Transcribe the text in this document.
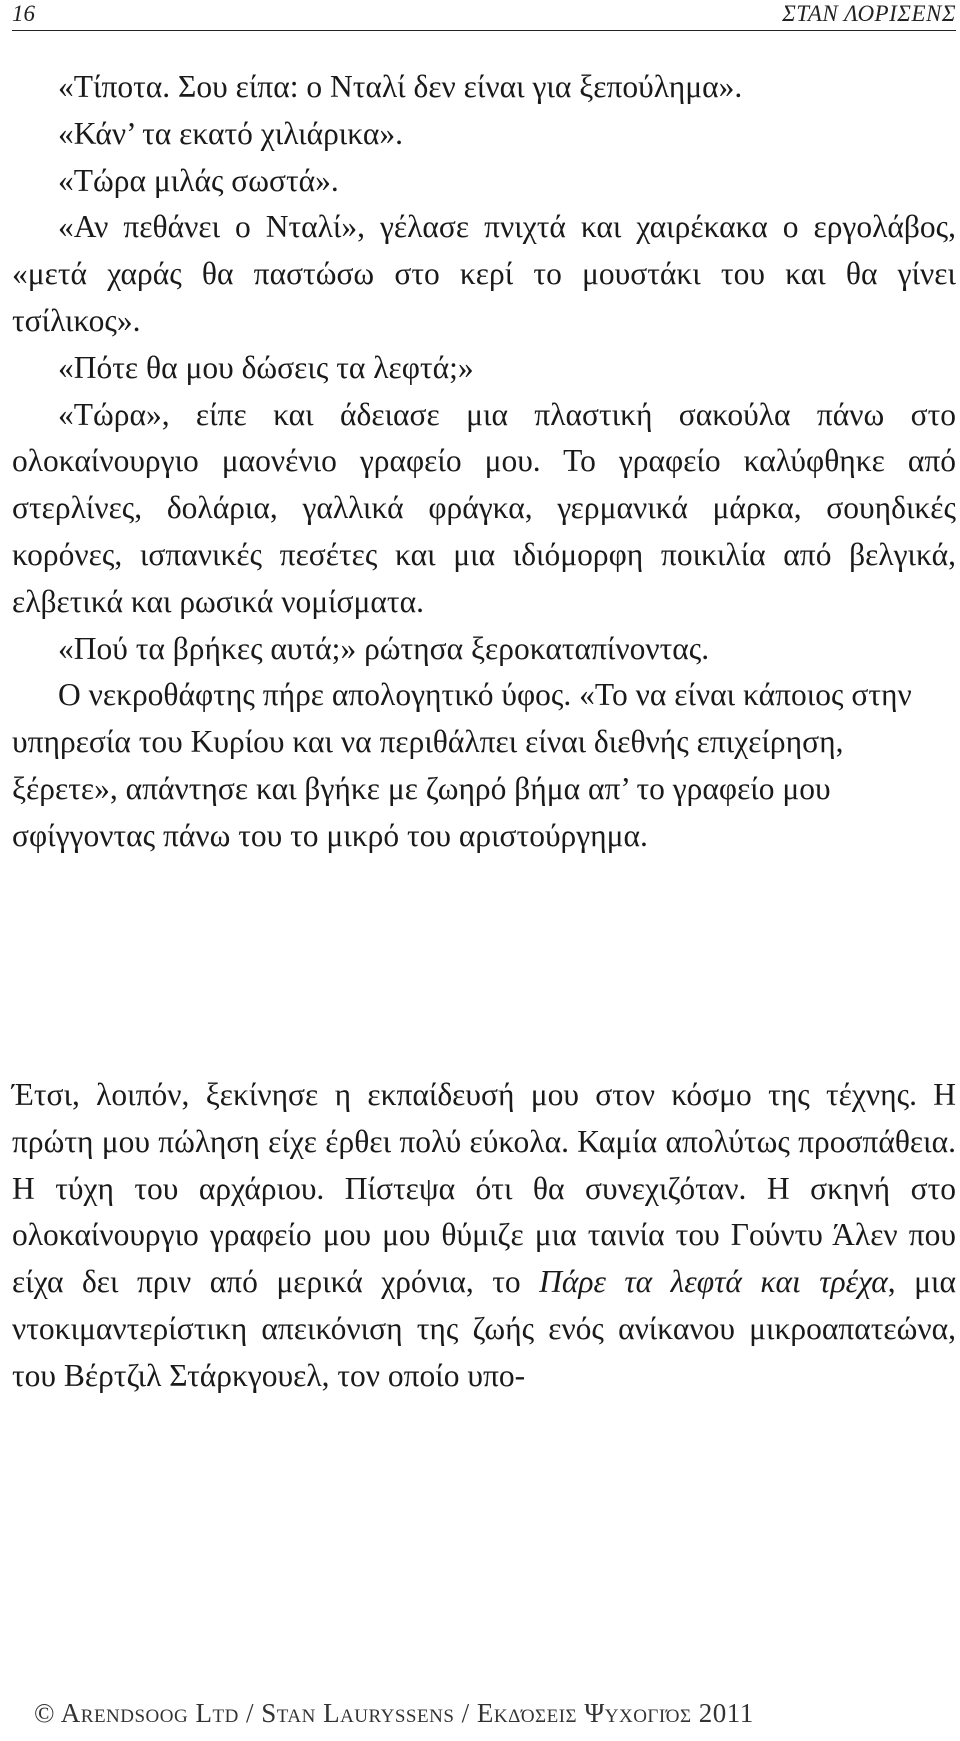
16	ΣΤΑΝ ΛΟΡΙΣΕΝΣ

«Τίποτα. Σου είπα: ο Νταλί δεν είναι για ξεπούλημα».

«Κάν’ τα εκατό χιλιάρικα».

«Τώρα μιλάς σωστά».

«Αν πεθάνει ο Νταλί», γέλασε πνιχτά και χαιρέκακα ο εργολάβος, «μετά χαράς θα παστώσω στο κερί το μουστάκι του και θα γίνει τσίλικος».

«Πότε θα μου δώσεις τα λεφτά;»

«Τώρα», είπε και άδειασε μια πλαστική σακούλα πάνω στο ολοκαίνουργιο μαονένιο γραφείο μου. Το γραφείο καλύφθηκε από στερλίνες, δολάρια, γαλλικά φράγκα, γερμανικά μάρκα, σουηδικές κορόνες, ισπανικές πεσέτες και μια ιδιόμορφη ποικιλία από βελγικά, ελβετικά και ρωσικά νομίσματα.

«Πού τα βρήκες αυτά;» ρώτησα ξεροκαταπίνοντας.

Ο νεκροθάφτης πήρε απολογητικό ύφος. «Το να είναι κάποιος στην υπηρεσία του Κυρίου και να περιθάλπει είναι διεθνής επιχείρηση, ξέρετε», απάντησε και βγήκε με ζωηρό βήμα απ’ το γραφείο μου σφίγγοντας πάνω του το μικρό του αριστούργημα.

Έτσι, λοιπόν, ξεκίνησε η εκπαίδευσή μου στον κόσμο της τέχνης. Η πρώτη μου πώληση είχε έρθει πολύ εύκολα. Καμία απολύτως προσπάθεια. Η τύχη του αρχάριου. Πίστεψα ότι θα συνεχιζόταν. Η σκηνή στο ολοκαίνουργιο γραφείο μου μου θύμιζε μια ταινία του Γούντυ Άλεν που είχα δει πριν από μερικά χρόνια, το Πάρε τα λεφτά και τρέχα, μια ντοκιμαντερίστικη απεικόνιση της ζωής ενός ανίκανου μικροαπατεώνα, του Βέρτζιλ Στάρκγουελ, τον οποίο υπο-

© Arendsoog Ltd / Stan Lauryssens / Εκδόσεις Ψυχογιός 2011
